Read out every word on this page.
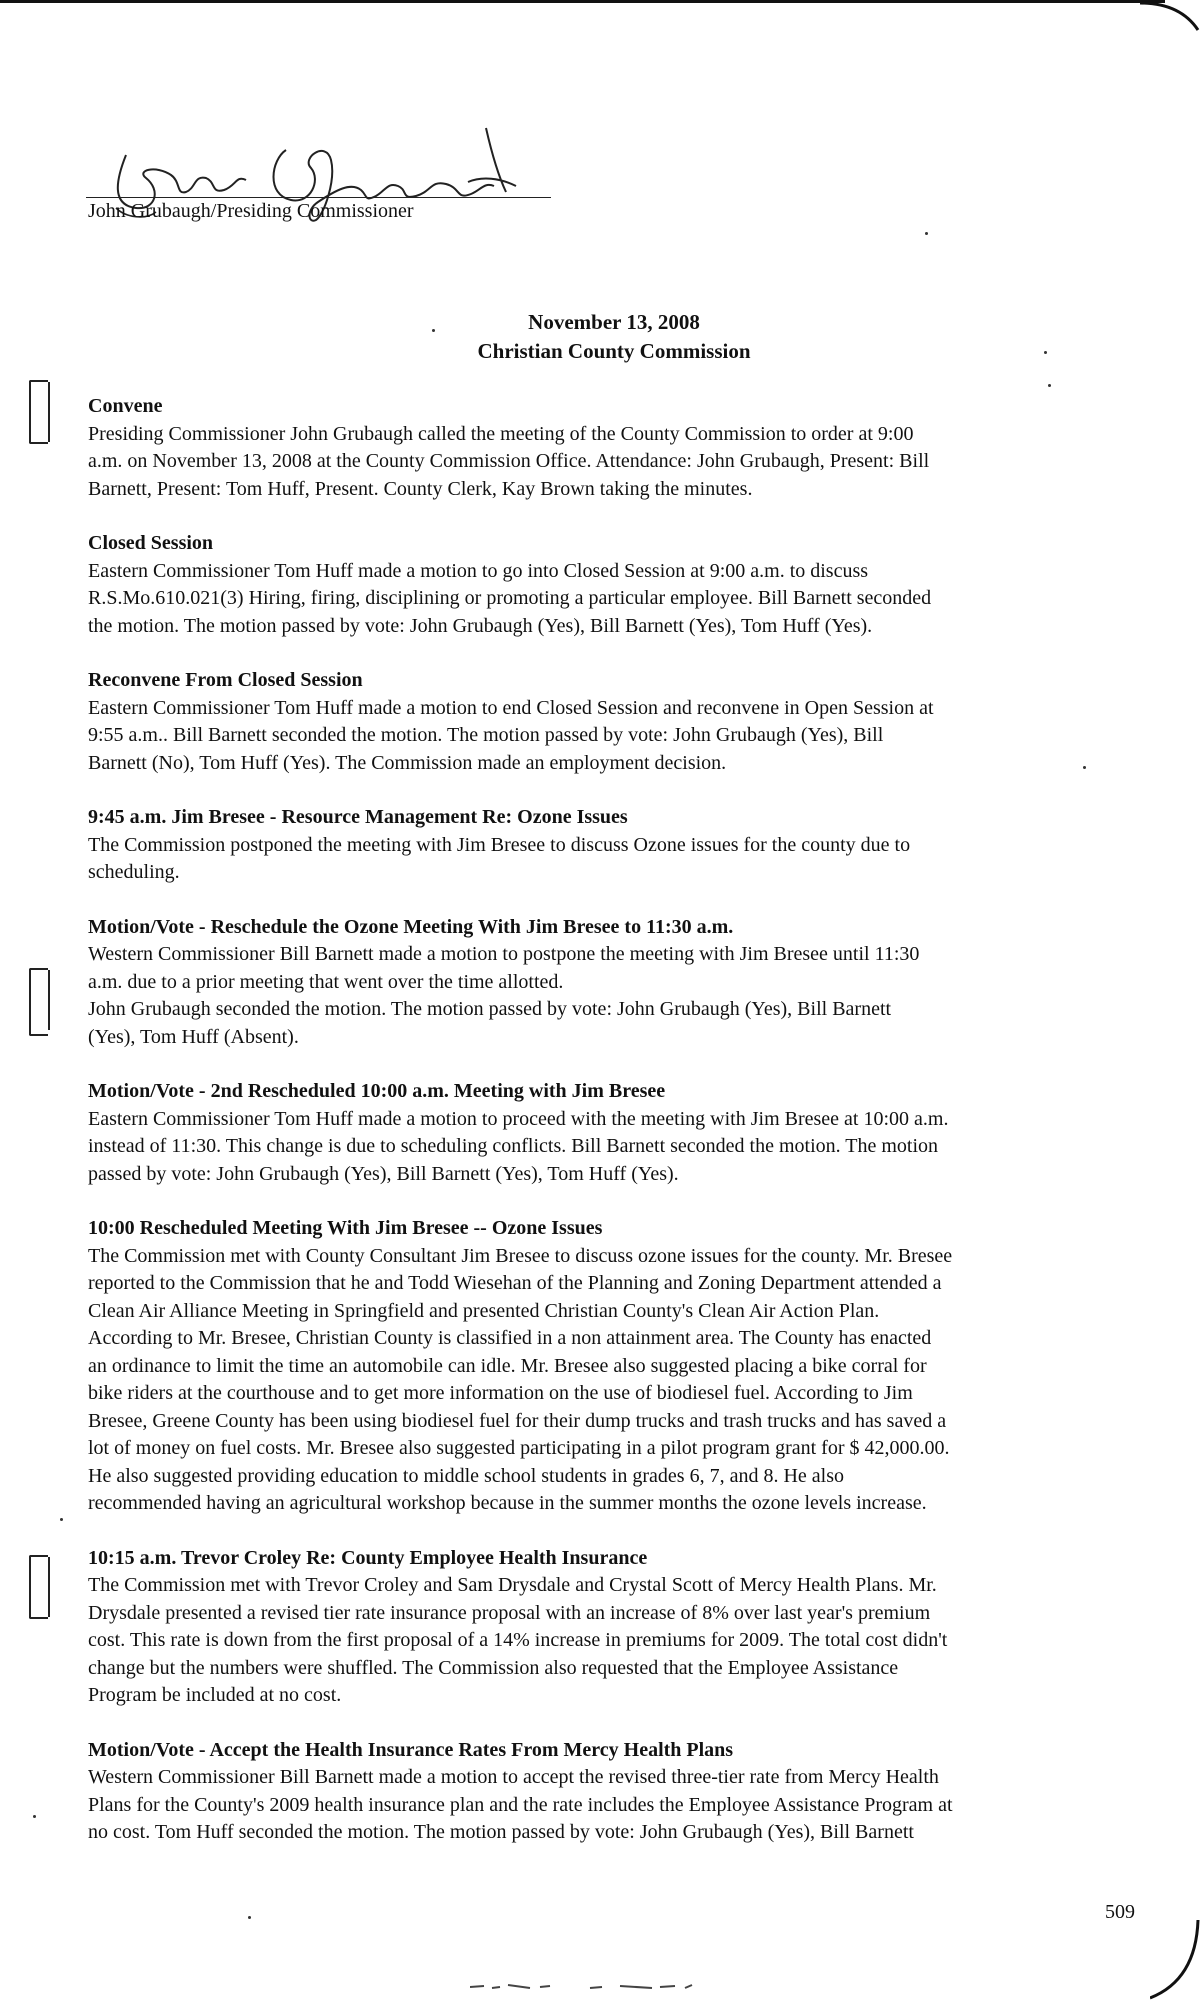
John Grubaugh/Presiding Commissioner
November 13, 2008
Christian County Commission
Convene
Presiding Commissioner John Grubaugh called the meeting of the County Commission to order at 9:00
a.m. on November 13, 2008 at the County Commission Office. Attendance: John Grubaugh, Present: Bill
Barnett, Present: Tom Huff, Present. County Clerk, Kay Brown taking the minutes.
Closed Session
Eastern Commissioner Tom Huff made a motion to go into Closed Session at 9:00 a.m. to discuss
R.S.Mo.610.021(3) Hiring, firing, disciplining or promoting a particular employee. Bill Barnett seconded
the motion. The motion passed by vote: John Grubaugh (Yes), Bill Barnett (Yes), Tom Huff (Yes).
Reconvene From Closed Session
Eastern Commissioner Tom Huff made a motion to end Closed Session and reconvene in Open Session at
9:55 a.m.. Bill Barnett seconded the motion. The motion passed by vote: John Grubaugh (Yes), Bill
Barnett (No), Tom Huff (Yes). The Commission made an employment decision.
9:45 a.m. Jim Bresee - Resource Management Re: Ozone Issues
The Commission postponed the meeting with Jim Bresee to discuss Ozone issues for the county due to
scheduling.
Motion/Vote - Reschedule the Ozone Meeting With Jim Bresee to 11:30 a.m.
Western Commissioner Bill Barnett made a motion to postpone the meeting with Jim Bresee until 11:30
a.m. due to a prior meeting that went over the time allotted.
John Grubaugh seconded the motion. The motion passed by vote: John Grubaugh (Yes), Bill Barnett
(Yes), Tom Huff (Absent).
Motion/Vote - 2nd Rescheduled 10:00 a.m. Meeting with Jim Bresee
Eastern Commissioner Tom Huff made a motion to proceed with the meeting with Jim Bresee at 10:00 a.m.
instead of 11:30. This change is due to scheduling conflicts. Bill Barnett seconded the motion. The motion
passed by vote: John Grubaugh (Yes), Bill Barnett (Yes), Tom Huff (Yes).
10:00 Rescheduled Meeting With Jim Bresee -- Ozone Issues
The Commission met with County Consultant Jim Bresee to discuss ozone issues for the county. Mr. Bresee
reported to the Commission that he and Todd Wiesehan of the Planning and Zoning Department attended a
Clean Air Alliance Meeting in Springfield and presented Christian County's Clean Air Action Plan.
According to Mr. Bresee, Christian County is classified in a non attainment area. The County has enacted
an ordinance to limit the time an automobile can idle. Mr. Bresee also suggested placing a bike corral for
bike riders at the courthouse and to get more information on the use of biodiesel fuel. According to Jim
Bresee, Greene County has been using biodiesel fuel for their dump trucks and trash trucks and has saved a
lot of money on fuel costs. Mr. Bresee also suggested participating in a pilot program grant for $ 42,000.00.
He also suggested providing education to middle school students in grades 6, 7, and 8. He also
recommended having an agricultural workshop because in the summer months the ozone levels increase.
10:15 a.m. Trevor Croley Re: County Employee Health Insurance
The Commission met with Trevor Croley and Sam Drysdale and Crystal Scott of Mercy Health Plans. Mr.
Drysdale presented a revised tier rate insurance proposal with an increase of 8% over last year's premium
cost. This rate is down from the first proposal of a 14% increase in premiums for 2009. The total cost didn't
change but the numbers were shuffled. The Commission also requested that the Employee Assistance
Program be included at no cost.
Motion/Vote - Accept the Health Insurance Rates From Mercy Health Plans
Western Commissioner Bill Barnett made a motion to accept the revised three-tier rate from Mercy Health
Plans for the County's 2009 health insurance plan and the rate includes the Employee Assistance Program at
no cost. Tom Huff seconded the motion. The motion passed by vote: John Grubaugh (Yes), Bill Barnett
509
